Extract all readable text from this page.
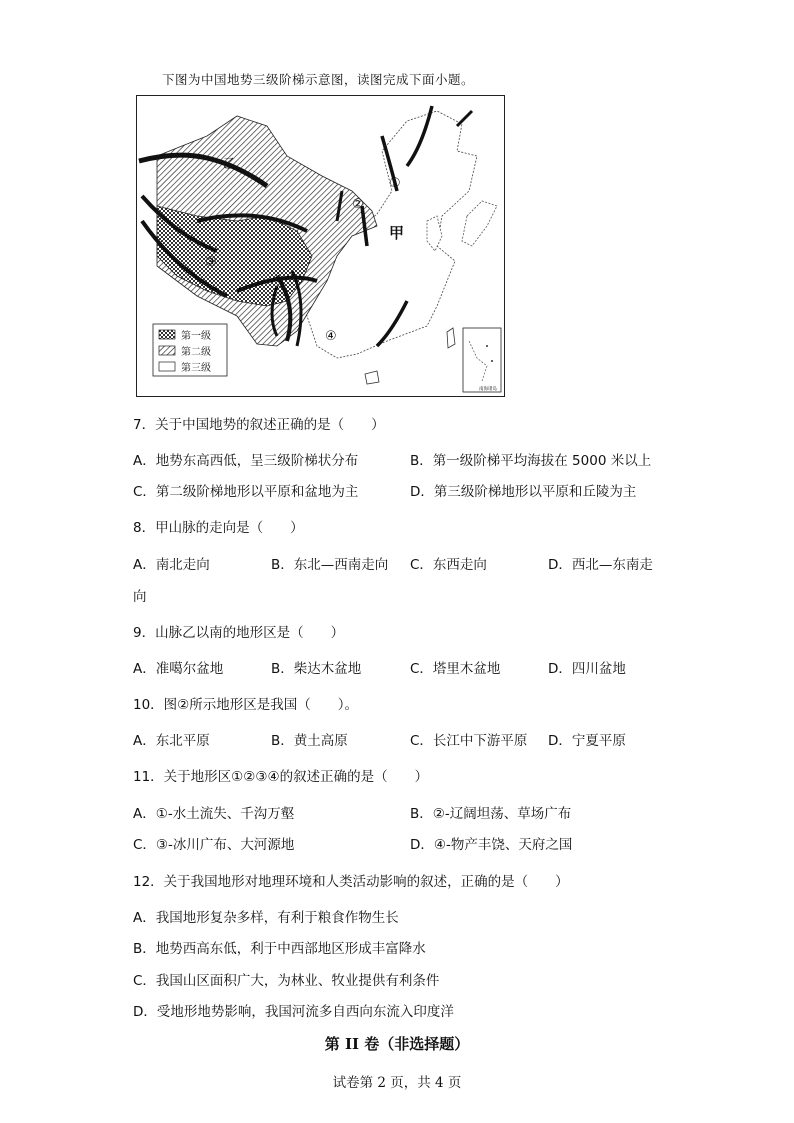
下图为中国地势三级阶梯示意图，读图完成下面小题。
乙
甲
①
②
③
④
第一级
第二级
第三级
南海诸岛
7．关于中国地势的叙述正确的是（　　）
A．地势东高西低，呈三级阶梯状分布	B．第一级阶梯平均海拔在 5000 米以上
C．第二级阶梯地形以平原和盆地为主	D．第三级阶梯地形以平原和丘陵为主
8．甲山脉的走向是（　　）
A．南北走向	B．东北—西南走向 C．东西走向	D．西北—东南走
向
9．山脉乙以南的地形区是（　　）
A．准噶尔盆地	B．柴达木盆地	C．塔里木盆地	D．四川盆地
10．图②所示地形区是我国（　　）。
A．东北平原	B．黄土高原	C．长江中下游平原 D．宁夏平原
11．关于地形区①②③④的叙述正确的是（　　）
A．①-水土流失、千沟万壑	B．②-辽阔坦荡、草场广布
C．③-冰川广布、大河源地	D．④-物产丰饶、天府之国
12．关于我国地形对地理环境和人类活动影响的叙述，正确的是（　　）
A．我国地形复杂多样，有利于粮食作物生长
B．地势西高东低，利于中西部地区形成丰富降水
C．我国山区面积广大，为林业、牧业提供有利条件
D．受地形地势影响，我国河流多自西向东流入印度洋
第 II 卷（非选择题）
试卷第 2 页，共 4 页
